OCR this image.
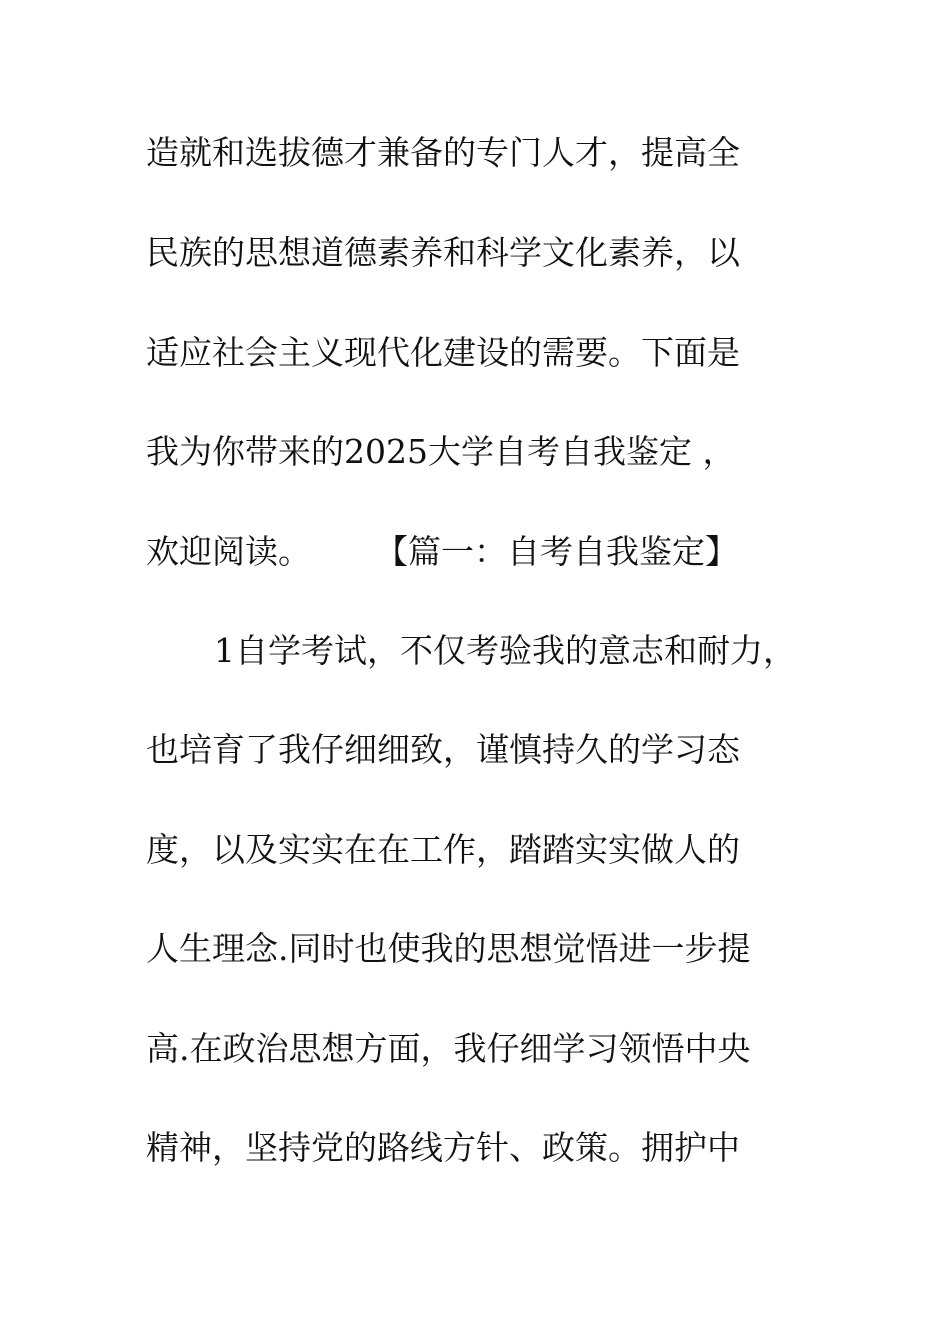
造就和选拔德才兼备的专门人才，提高全
民族的思想道德素养和科学文化素养，以
适应社会主义现代化建设的需要。下面是
我为你带来的2025大学自考自我鉴定 ，
欢迎阅读。 【篇一：自考自我鉴定】
1自学考试，不仅考验我的意志和耐力，
也培育了我仔细细致，谨慎持久的学习态
度，以及实实在在工作，踏踏实实做人的
人生理念.同时也使我的思想觉悟进一步提
高.在政治思想方面，我仔细学习领悟中央
精神，坚持党的路线方针、政策。拥护中
